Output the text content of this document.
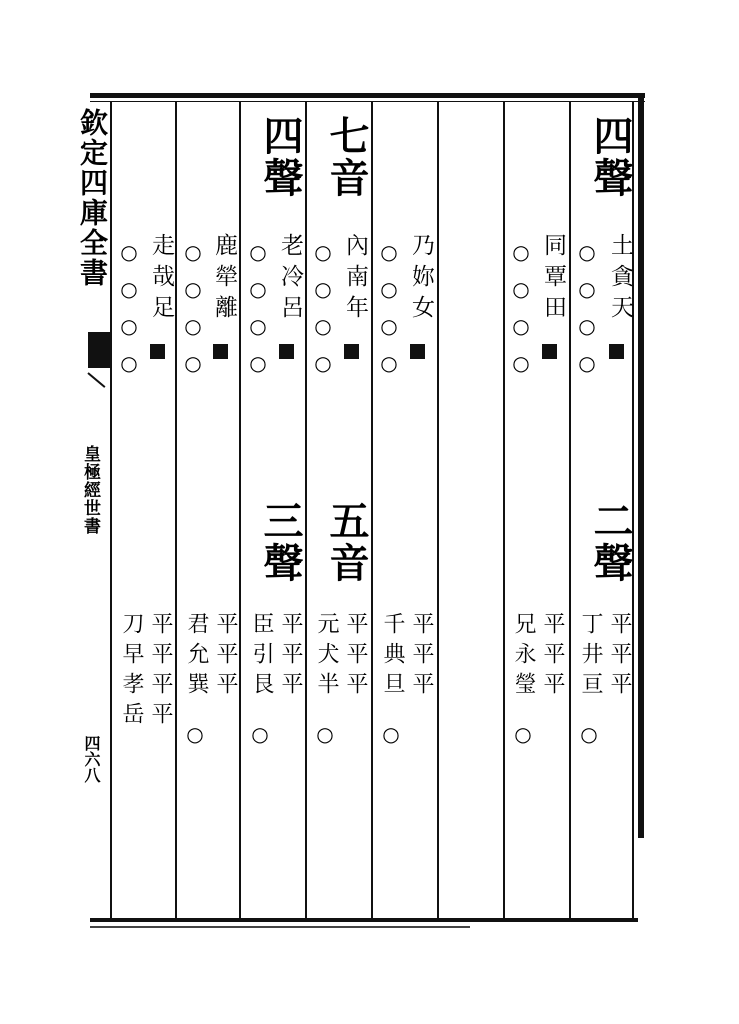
欽定四庫全書
皇極經世書
四六八
四聲
二聲
七音
五音
四聲
三聲
土貪天
○○○○
平平平
丁井亘
○
同覃田
○○○○
平平平
兄永瑩
○
乃妳女
○○○○
平平平
千典旦
○
內南年
○○○○
平平平
元犬半
○
老冷呂
○○○○
平平平
臣引艮
○
鹿犖離
○○○○
平平平
君允巽
○
走哉足
○○○○
平平平平
刀早孝岳
